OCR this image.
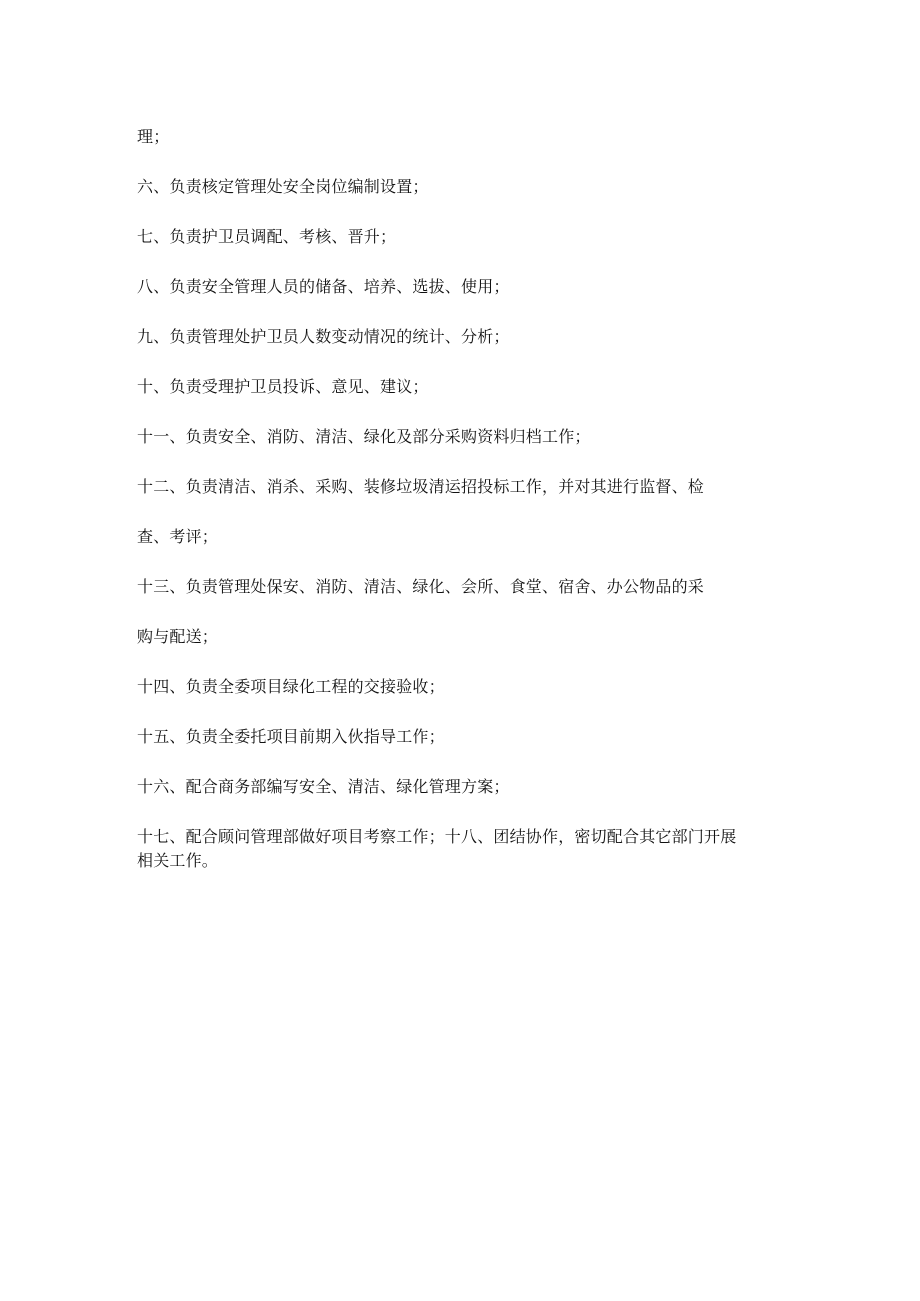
理；
六、负责核定管理处安全岗位编制设置；
七、负责护卫员调配、考核、晋升；
八、负责安全管理人员的储备、培养、选拔、使用；
九、负责管理处护卫员人数变动情况的统计、分析；
十、负责受理护卫员投诉、意见、建议；
十一、负责安全、消防、清洁、绿化及部分采购资料归档工作；
十二、负责清洁、消杀、采购、装修垃圾清运招投标工作，并对其进行监督、检
查、考评；
十三、负责管理处保安、消防、清洁、绿化、会所、食堂、宿舍、办公物品的采
购与配送；
十四、负责全委项目绿化工程的交接验收；
十五、负责全委托项目前期入伙指导工作；
十六、配合商务部编写安全、清洁、绿化管理方案；
十七、配合顾问管理部做好项目考察工作；十八、团结协作，密切配合其它部门开展
相关工作。
